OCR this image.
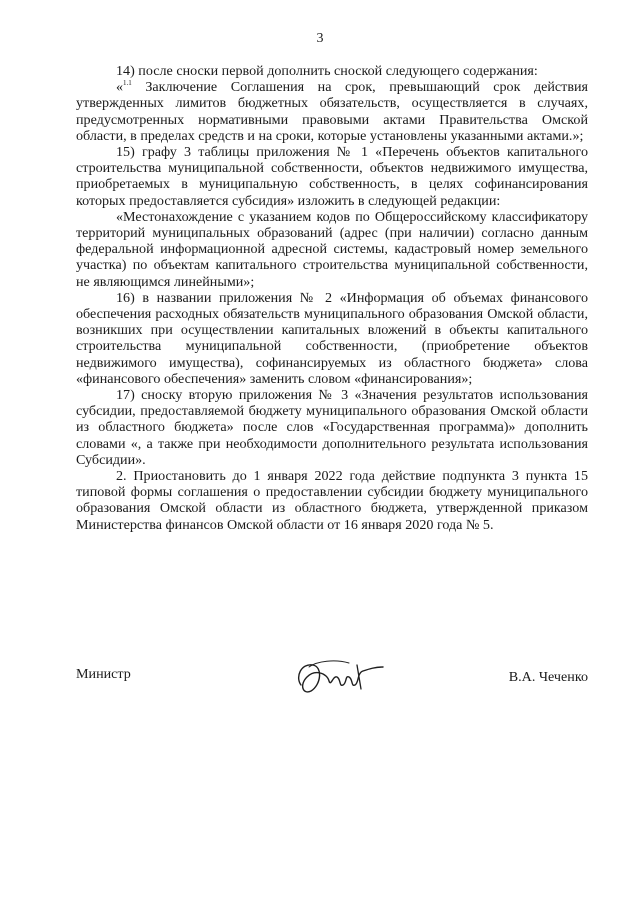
3

14) после сноски первой дополнить сноской следующего содержания:

«$^{1.1}$ Заключение Соглашения на срок, превышающий срок действия утвержденных лимитов бюджетных обязательств, осуществляется в случаях, предусмотренных нормативными правовыми актами Правительства Омской области, в пределах средств и на сроки, которые установлены указанными актами.»;

15) графу 3 таблицы приложения № 1 «Перечень объектов капитального строительства муниципальной собственности, объектов недвижимого имущества, приобретаемых в муниципальную собственность, в целях софинансирования которых предоставляется субсидия» изложить в следующей редакции:

«Местонахождение с указанием кодов по Общероссийскому классификатору территорий муниципальных образований (адрес (при наличии) согласно данным федеральной информационной адресной системы, кадастровый номер земельного участка) по объектам капитального строительства муниципальной собственности, не являющимся линейными»;

16) в названии приложения № 2 «Информация об объемах финансового обеспечения расходных обязательств муниципального образования Омской области, возникших при осуществлении капитальных вложений в объекты капитального строительства муниципальной собственности, (приобретение объектов недвижимого имущества), софинансируемых из областного бюджета» слова «финансового обеспечения» заменить словом «финансирования»;

17) сноску вторую приложения № 3 «Значения результатов использования субсидии, предоставляемой бюджету муниципального образования Омской области из областного бюджета» после слов «Государственная программа)» дополнить словами «, а также при необходимости дополнительного результата использования Субсидии».

2. Приостановить до 1 января 2022 года действие подпункта 3 пункта 15 типовой формы соглашения о предоставлении субсидии бюджету муниципального образования Омской области из областного бюджета, утвержденной приказом Министерства финансов Омской области от 16 января 2020 года № 5.

Министр	В.А. Чеченко
